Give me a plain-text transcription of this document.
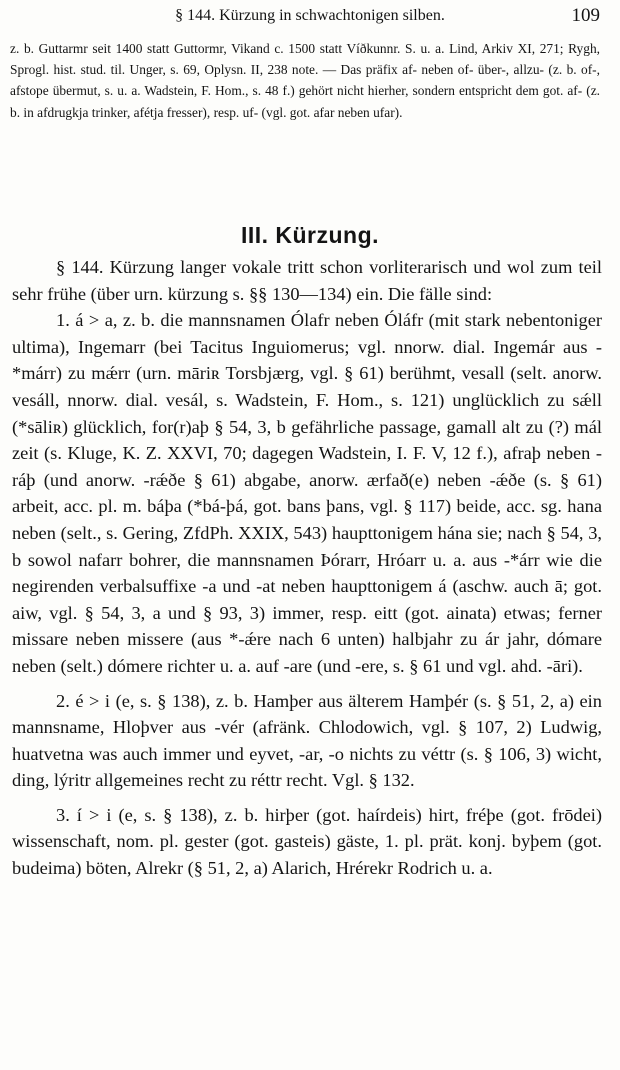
§ 144. Kürzung in schwachtonigen silben.	109

z. b. Guttarmr seit 1400 statt Guttormr, Vikand c. 1500 statt Víðkunnr. S. u. a. Lind, Arkiv XI, 271; Rygh, Sprogl. hist. stud. til. Unger, s. 69, Oplysn. II, 238 note. — Das präfix af- neben of- über-, allzu- (z. b. of-, afstope übermut, s. u. a. Wadstein, F. Hom., s. 48 f.) gehört nicht hierher, sondern entspricht dem got. af- (z. b. in afdrugkja trinker, afétja fresser), resp. uf- (vgl. got. afar neben ufar).

III. Kürzung.

§ 144. Kürzung langer vokale tritt schon vorliterarisch und wol zum teil sehr frühe (über urn. kürzung s. §§ 130—134) ein. Die fälle sind:

1. á > a, z. b. die mannsnamen Ólafr neben Óláfr (mit stark nebentoniger ultima), Ingemarr (bei Tacitus Inguiomerus; vgl. nnorw. dial. Ingemár aus -*márr) zu mǽrr (urn. māriʀ Torsbjærg, vgl. § 61) berühmt, vesall (selt. anorw. vesáll, nnorw. dial. vesál, s. Wadstein, F. Hom., s. 121) unglücklich zu sǽll (*sāliʀ) glücklich, for(r)aþ § 54, 3, b gefährliche passage, gamall alt zu (?) mál zeit (s. Kluge, K. Z. XXVI, 70; dagegen Wadstein, I. F. V, 12 f.), afraþ neben -ráþ (und anorw. -rǽðe § 61) abgabe, anorw. ærfað(e) neben -ǽðe (s. § 61) arbeit, acc. pl. m. báþa (*bá-þá, got. bans þans, vgl. § 117) beide, acc. sg. hana neben (selt., s. Gering, ZfdPh. XXIX, 543) haupttonigem hána sie; nach § 54, 3, b sowol nafarr bohrer, die mannsnamen Þórarr, Hróarr u. a. aus -*árr wie die negirenden verbalsuffixe -a und -at neben haupttonigem á (aschw. auch ā; got. aiw, vgl. § 54, 3, a und § 93, 3) immer, resp. eitt (got. ainata) etwas; ferner missare neben missere (aus *-ǽre nach 6 unten) halbjahr zu ár jahr, dómare neben (selt.) dómere richter u. a. auf -are (und -ere, s. § 61 und vgl. ahd. -āri).

2. é > i (e, s. § 138), z. b. Hamþer aus älterem Hamþér (s. § 51, 2, a) ein mannsname, Hloþver aus -vér (afränk. Chlodowich, vgl. § 107, 2) Ludwig, huatvetna was auch immer und eyvet, -ar, -o nichts zu véttr (s. § 106, 3) wicht, ding, lýritr allgemeines recht zu réttr recht. Vgl. § 132.

3. í > i (e, s. § 138), z. b. hirþer (got. haírdeis) hirt, fréþe (got. frōdei) wissenschaft, nom. pl. gester (got. gasteis) gäste, 1. pl. prät. konj. byþem (got. budeima) böten, Alrekr (§ 51, 2, a) Alarich, Hrérekr Rodrich u. a.
